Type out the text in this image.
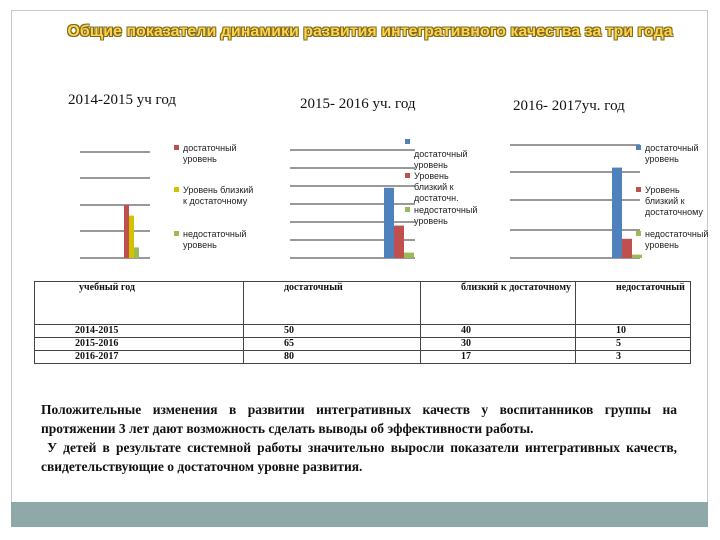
Общие показатели динамики развития интегративного качества за три года
2014-2015 уч год
достаточный уровень
Уровень близкий к достаточному
недостаточный уровень
2015- 2016 уч. год
достаточный уровень
Уровень близкий к достаточн.
недостаточный уровень
2016- 2017уч. год
достаточный уровень
Уровень близкий к достаточному
недостаточный уровень
учебный год	достаточный	близкий к достаточному	недостаточный
2014-2015	50	40	10
2015-2016	65	30	5
2016-2017	80	17	3

Положительные изменения в развитии интегративных качеств у воспитанников группы на протяжении 3 лет дают возможность сделать выводы об эффективности работы.

У детей в результате системной работы значительно выросли показатели интегративных качеств, свидетельствующие о достаточном уровне развития.
